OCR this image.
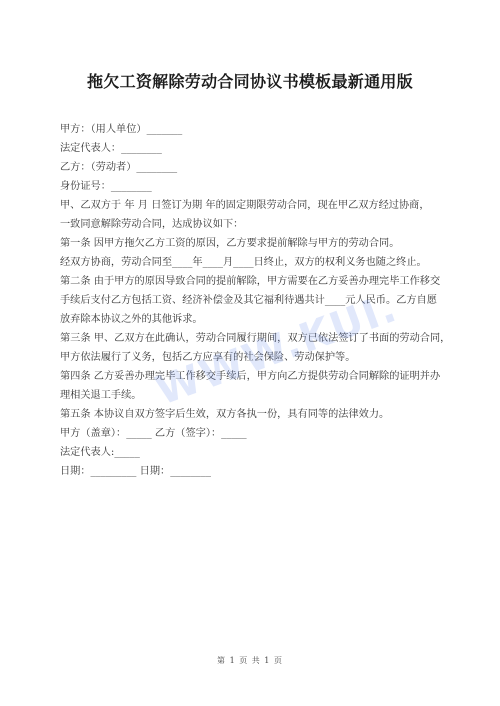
拖欠工资解除劳动合同协议书模板最新通用版
甲方：（用人单位）_______
法定代表人：________
乙方：（劳动者）________
身份证号：________
甲、乙双方于 年 月 日签订为期 年的固定期限劳动合同，现在甲乙双方经过协商，
一致同意解除劳动合同，达成协议如下：
第一条 因甲方拖欠乙方工资的原因，乙方要求提前解除与甲方的劳动合同。
经双方协商，劳动合同至____年____月____日终止，双方的权利义务也随之终止。
第二条 由于甲方的原因导致合同的提前解除，甲方需要在乙方妥善办理完毕工作移交
手续后支付乙方包括工资、经济补偿金及其它福利待遇共计____元人民币。乙方自愿
放弃除本协议之外的其他诉求。
第三条 甲、乙双方在此确认，劳动合同履行期间，双方已依法签订了书面的劳动合同，
甲方依法履行了义务，包括乙方应享有的社会保险、劳动保护等。
第四条 乙方妥善办理完毕工作移交手续后，甲方向乙方提供劳动合同解除的证明并办
理相关退工手续。
第五条 本协议自双方签字后生效，双方各执一份，具有同等的法律效力。
甲方（盖章）：_____ 乙方（签字）：_____
法定代表人:_____
日期：_________ 日期：________
WWW.KUI.CN
第 1 页 共 1 页
